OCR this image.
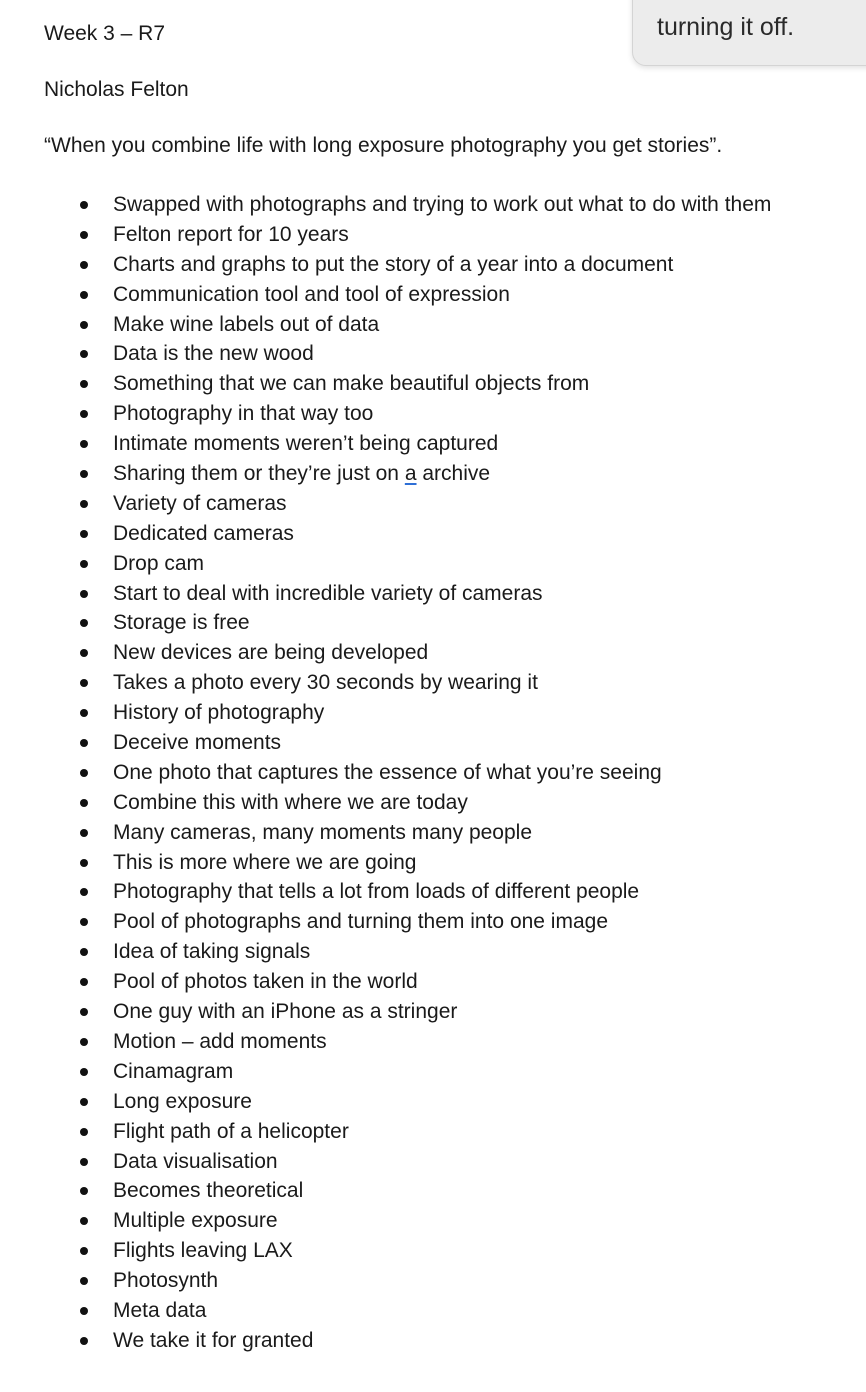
Week 3 – R7
Nicholas Felton
“When you combine life with long exposure photography you get stories”.
Swapped with photographs and trying to work out what to do with them
Felton report for 10 years
Charts and graphs to put the story of a year into a document
Communication tool and tool of expression
Make wine labels out of data
Data is the new wood
Something that we can make beautiful objects from
Photography in that way too
Intimate moments weren’t being captured
Sharing them or they’re just on a archive
Variety of cameras
Dedicated cameras
Drop cam
Start to deal with incredible variety of cameras
Storage is free
New devices are being developed
Takes a photo every 30 seconds by wearing it
History of photography
Deceive moments
One photo that captures the essence of what you’re seeing
Combine this with where we are today
Many cameras, many moments many people
This is more where we are going
Photography that tells a lot from loads of different people
Pool of photographs and turning them into one image
Idea of taking signals
Pool of photos taken in the world
One guy with an iPhone as a stringer
Motion – add moments
Cinamagram
Long exposure
Flight path of a helicopter
Data visualisation
Becomes theoretical
Multiple exposure
Flights leaving LAX
Photosynth
Meta data
We take it for granted
turning it off.
